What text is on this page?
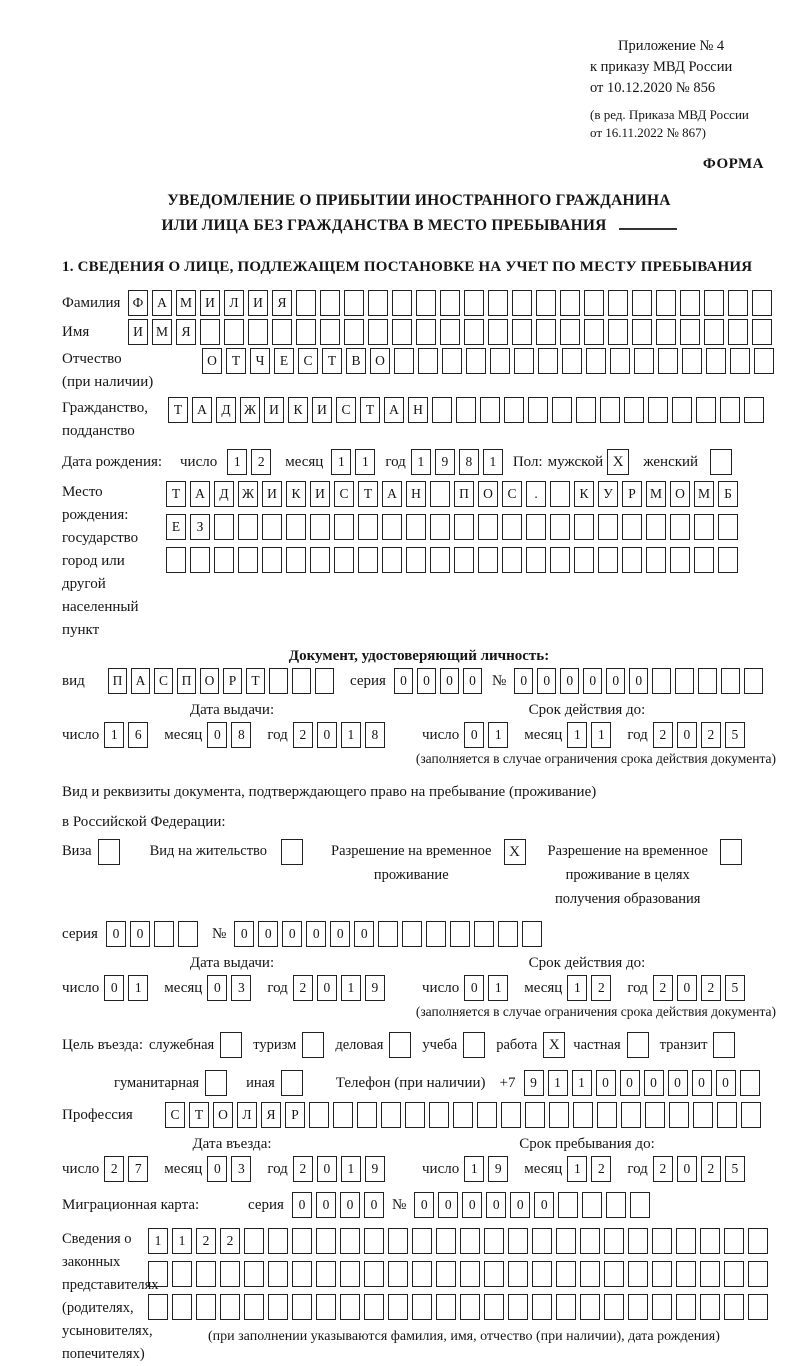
Приложение № 4
к приказу МВД России
от 10.12.2020 № 856
(в ред. Приказа МВД России
от 16.11.2022 № 867)
ФОРМА
УВЕДОМЛЕНИЕ О ПРИБЫТИИ ИНОСТРАННОГО ГРАЖДАНИНА
ИЛИ ЛИЦА БЕЗ ГРАЖДАНСТВА В МЕСТО ПРЕБЫВАНИЯ
1. СВЕДЕНИЯ О ЛИЦЕ, ПОДЛЕЖАЩЕМ ПОСТАНОВКЕ НА УЧЕТ ПО МЕСТУ ПРЕБЫВАНИЯ
Фамилия Ф А М И Л И Я
Имя	И М Я
Отчество
(при наличии)
О Т Ч Е С Т В О
Гражданство,
подданство
Т А Д Ж И К И С Т А Н
Дата рождения:	число	1 2	месяц	1 1	год 1 9 8 1	Пол: мужской X	женский
Место рождения:
государство
город или другой
населенный пункт
Т А Д Ж И К И С Т А Н	П О С .	К У Р М О М Б Е З
Документ, удостоверяющий личность:
вид	П А С П О Р Т	серия	0 0 0 0	№	0 0 0 0 0 0
Дата выдачи:	Срок действия до:
число 1 6	месяц 0 8	год 2 0 1 8	число 0 1	месяц 1 1	год 2 0 2 5
(заполняется в случае ограничения срока действия документа)
Вид и реквизиты документа, подтверждающего право на пребывание (проживание)
в Российской Федерации:
Виза	Вид на жительство	Разрешение на временное
проживание
X	Разрешение на временное
проживание в целях
получения образования
серия	0 0	№	0 0 0 0 0 0
Дата выдачи:	Срок действия до:
число 0 1	месяц 0 3	год 2 0 1 9	число 0 1	месяц 1 2	год 2 0 2 5
(заполняется в случае ограничения срока действия документа)
Цель въезда: служебная	туризм	деловая	учеба	работа X частная	транзит
гуманитарная	иная	Телефон (при наличии) +7	9 1 1 0 0 0 0 0 0
Профессия	С Т О Л Я Р
Дата въезда:	Срок пребывания до:
число 2 7	месяц 0 3	год 2 0 1 9	число 1 9	месяц 1 2	год 2 0 2 5
Миграционная карта:	серия	0 0 0 0 №	0 0 0 0 0 0
Сведения о
законных
представителях
(родителях,
усыновителях,
попечителях)
1 1 2 2
(при заполнении указываются фамилия, имя, отчество (при наличии), дата рождения)
